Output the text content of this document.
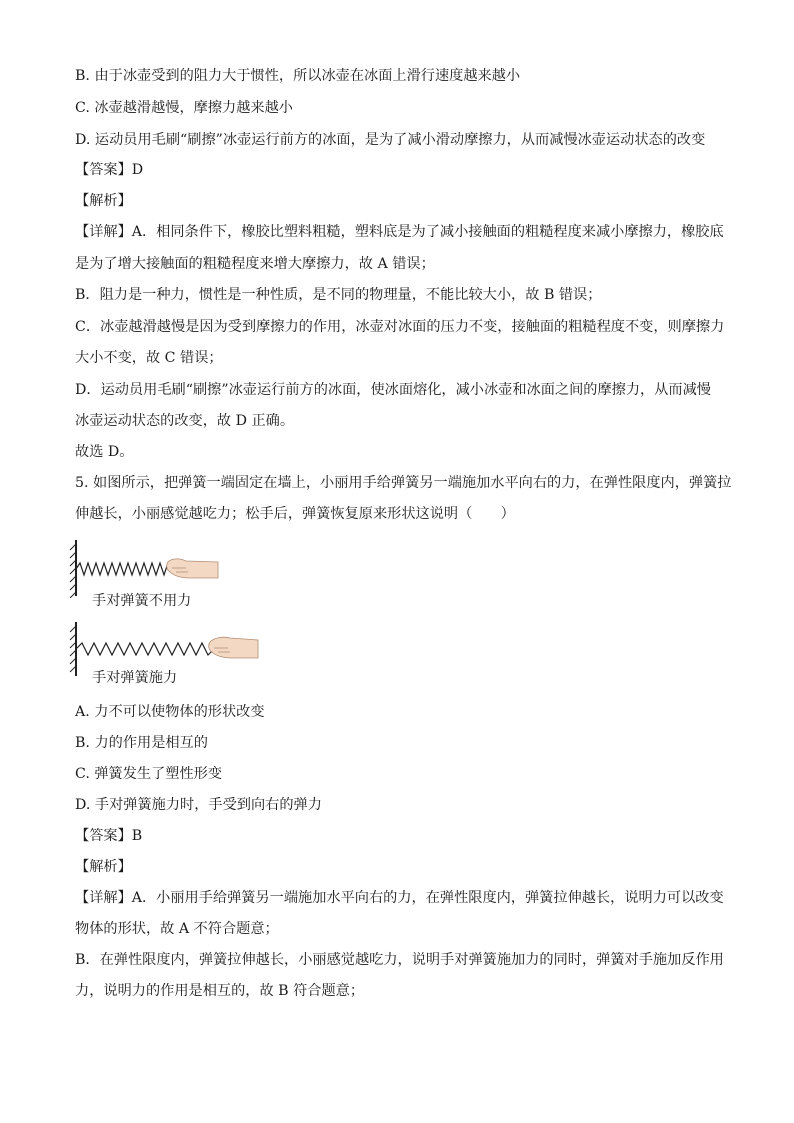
B. 由于冰壶受到的阻力大于惯性，所以冰壶在冰面上滑行速度越来越小
C. 冰壶越滑越慢，摩擦力越来越小
D. 运动员用毛刷“刷擦”冰壶运行前方的冰面，是为了减小滑动摩擦力，从而减慢冰壶运动状态的改变
【答案】D
【解析】
【详解】A．相同条件下，橡胶比塑料粗糙，塑料底是为了减小接触面的粗糙程度来减小摩擦力，橡胶底
是为了增大接触面的粗糙程度来增大摩擦力，故 A 错误；
B．阻力是一种力，惯性是一种性质，是不同的物理量，不能比较大小，故 B 错误；
C．冰壶越滑越慢是因为受到摩擦力的作用，冰壶对冰面的压力不变，接触面的粗糙程度不变，则摩擦力
大小不变，故 C 错误；
D．运动员用毛刷“刷擦”冰壶运行前方的冰面，使冰面熔化，减小冰壶和冰面之间的摩擦力，从而减慢
冰壶运动状态的改变，故 D 正确。
故选 D。
5. 如图所示，把弹簧一端固定在墙上，小丽用手给弹簧另一端施加水平向右的力，在弹性限度内，弹簧拉
伸越长，小丽感觉越吃力；松手后，弹簧恢复原来形状这说明（　　）
手对弹簧不用力
手对弹簧施力
A. 力不可以使物体的形状改变
B. 力的作用是相互的
C. 弹簧发生了塑性形变
D. 手对弹簧施力时，手受到向右的弹力
【答案】B
【解析】
【详解】A．小丽用手给弹簧另一端施加水平向右的力，在弹性限度内，弹簧拉伸越长，说明力可以改变
物体的形状，故 A 不符合题意；
B．在弹性限度内，弹簧拉伸越长，小丽感觉越吃力，说明手对弹簧施加力的同时，弹簧对手施加反作用
力，说明力的作用是相互的，故 B 符合题意；
